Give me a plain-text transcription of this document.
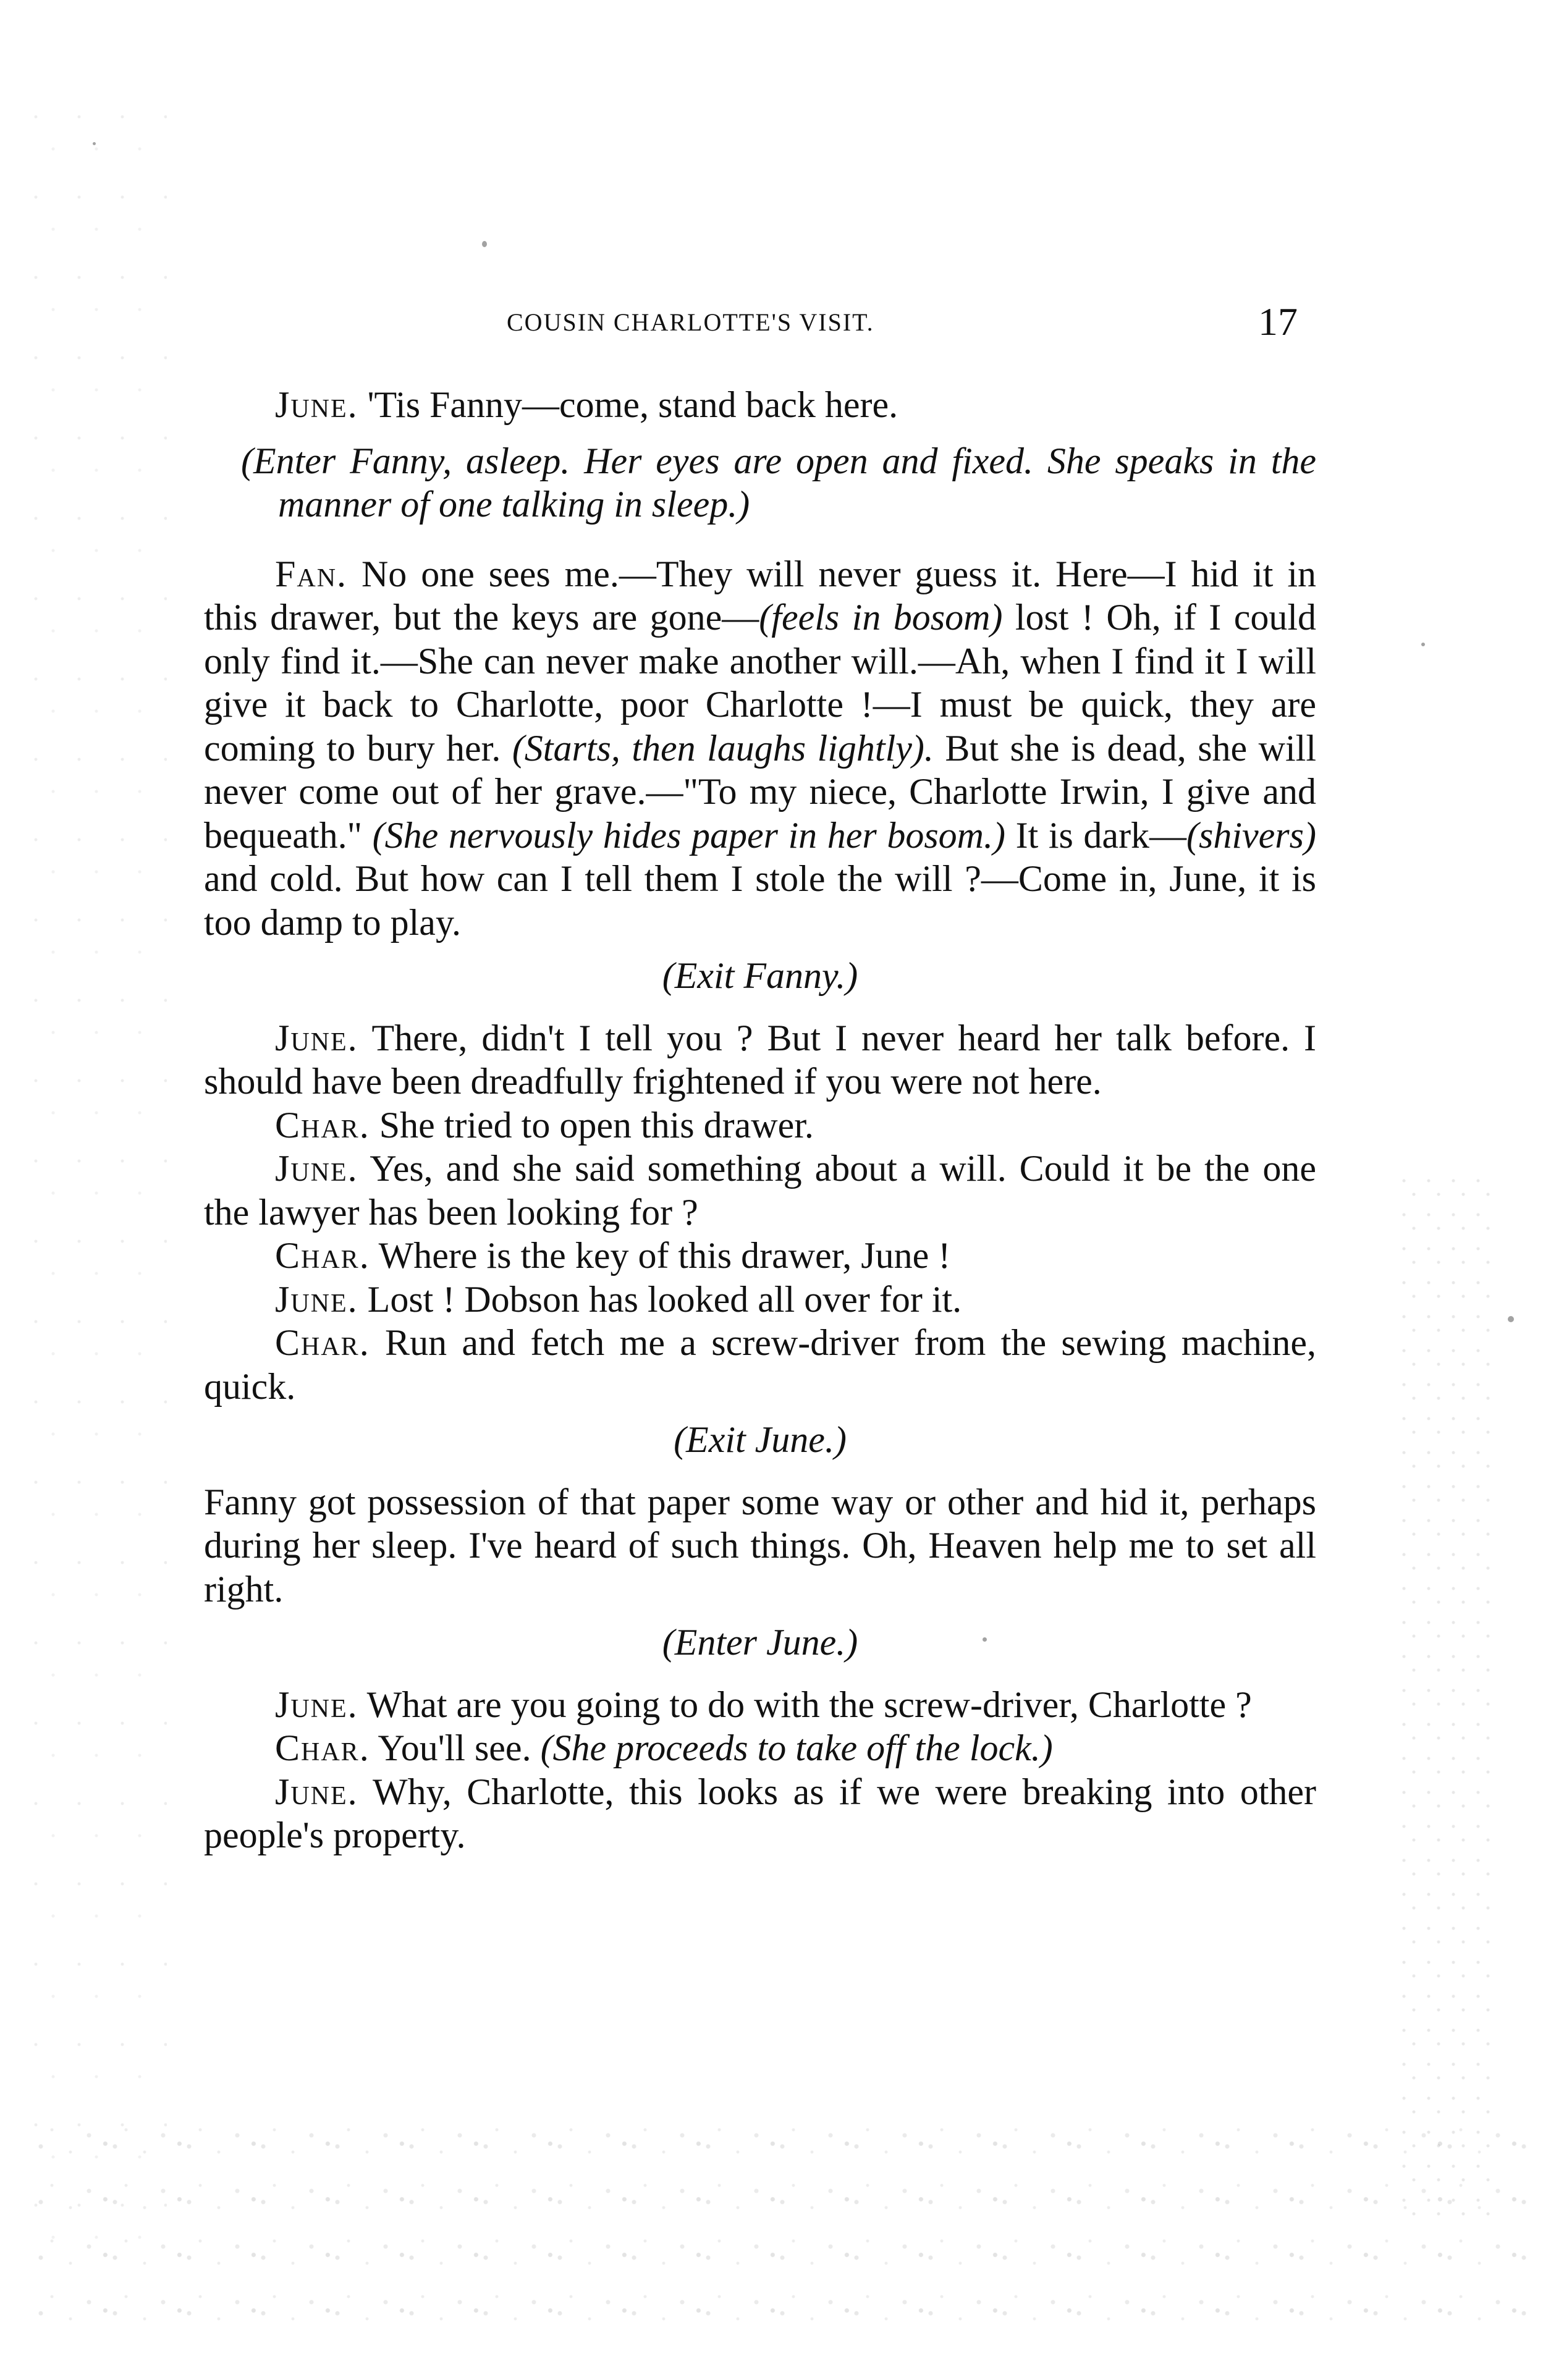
COUSIN CHARLOTTE'S VISIT.	17

June. 'Tis Fanny—come, stand back here.

(Enter Fanny, asleep. Her eyes are open and fixed. She speaks in the manner of one talking in sleep.)

Fan. No one sees me.—They will never guess it. Here—I hid it in this drawer, but the keys are gone—(feels in bosom) lost ! Oh, if I could only find it.—She can never make another will.—Ah, when I find it I will give it back to Charlotte, poor Charlotte !—I must be quick, they are coming to bury her. (Starts, then laughs lightly). But she is dead, she will never come out of her grave.—"To my niece, Charlotte Irwin, I give and bequeath." (She nervously hides paper in her bosom.) It is dark—(shivers) and cold. But how can I tell them I stole the will ?—Come in, June, it is too damp to play.

(Exit Fanny.)

June. There, didn't I tell you ? But I never heard her talk before. I should have been dreadfully frightened if you were not here.

Char. She tried to open this drawer.

June. Yes, and she said something about a will. Could it be the one the lawyer has been looking for ?

Char. Where is the key of this drawer, June !

June. Lost ! Dobson has looked all over for it.

Char. Run and fetch me a screw-driver from the sewing machine, quick.

(Exit June.)

Fanny got possession of that paper some way or other and hid it, perhaps during her sleep. I've heard of such things. Oh, Heaven help me to set all right.

(Enter June.)

June. What are you going to do with the screw-driver, Charlotte ?

Char. You'll see. (She proceeds to take off the lock.)

June. Why, Charlotte, this looks as if we were breaking into other people's property.
